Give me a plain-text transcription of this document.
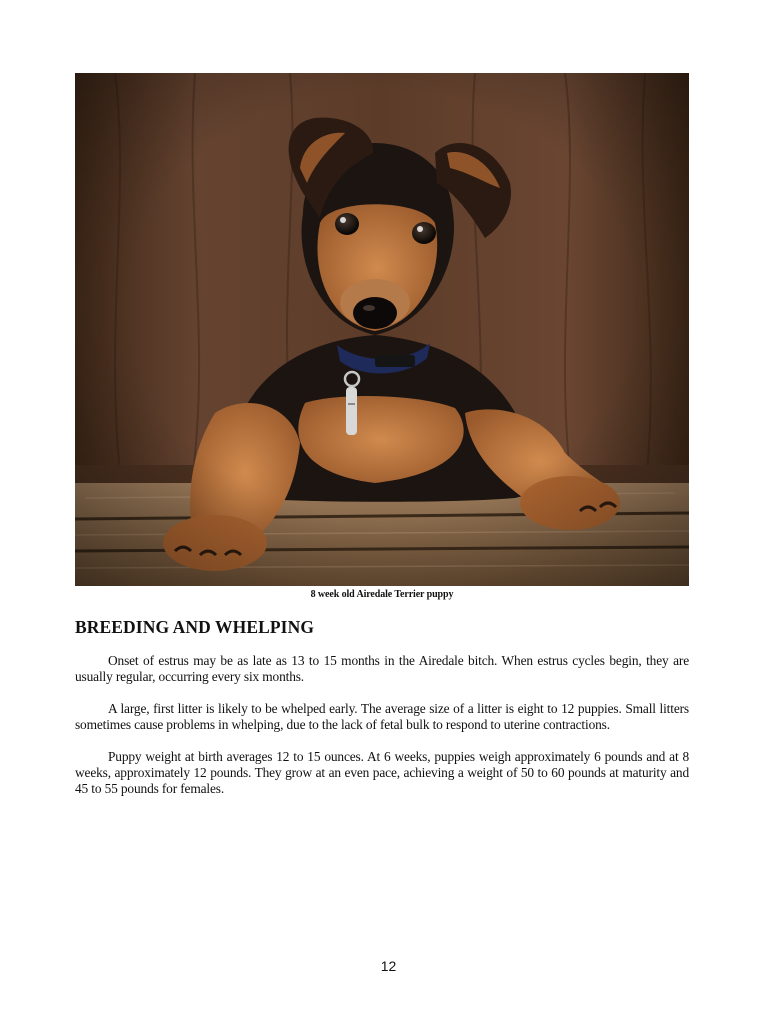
8 week old Airedale Terrier puppy
BREEDING AND WHELPING

Onset of estrus may be as late as 13 to 15 months in the Airedale bitch. When estrus cycles begin, they are usually regular, occurring every six months.

A large, first litter is likely to be whelped early. The average size of a litter is eight to 12 puppies. Small litters sometimes cause problems in whelping, due to the lack of fetal bulk to respond to uterine contractions.

Puppy weight at birth averages 12 to 15 ounces. At 6 weeks, puppies weigh approximately 6 pounds and at 8 weeks, approximately 12 pounds. They grow at an even pace, achieving a weight of 50 to 60 pounds at maturity and 45 to 55 pounds for females.

12
